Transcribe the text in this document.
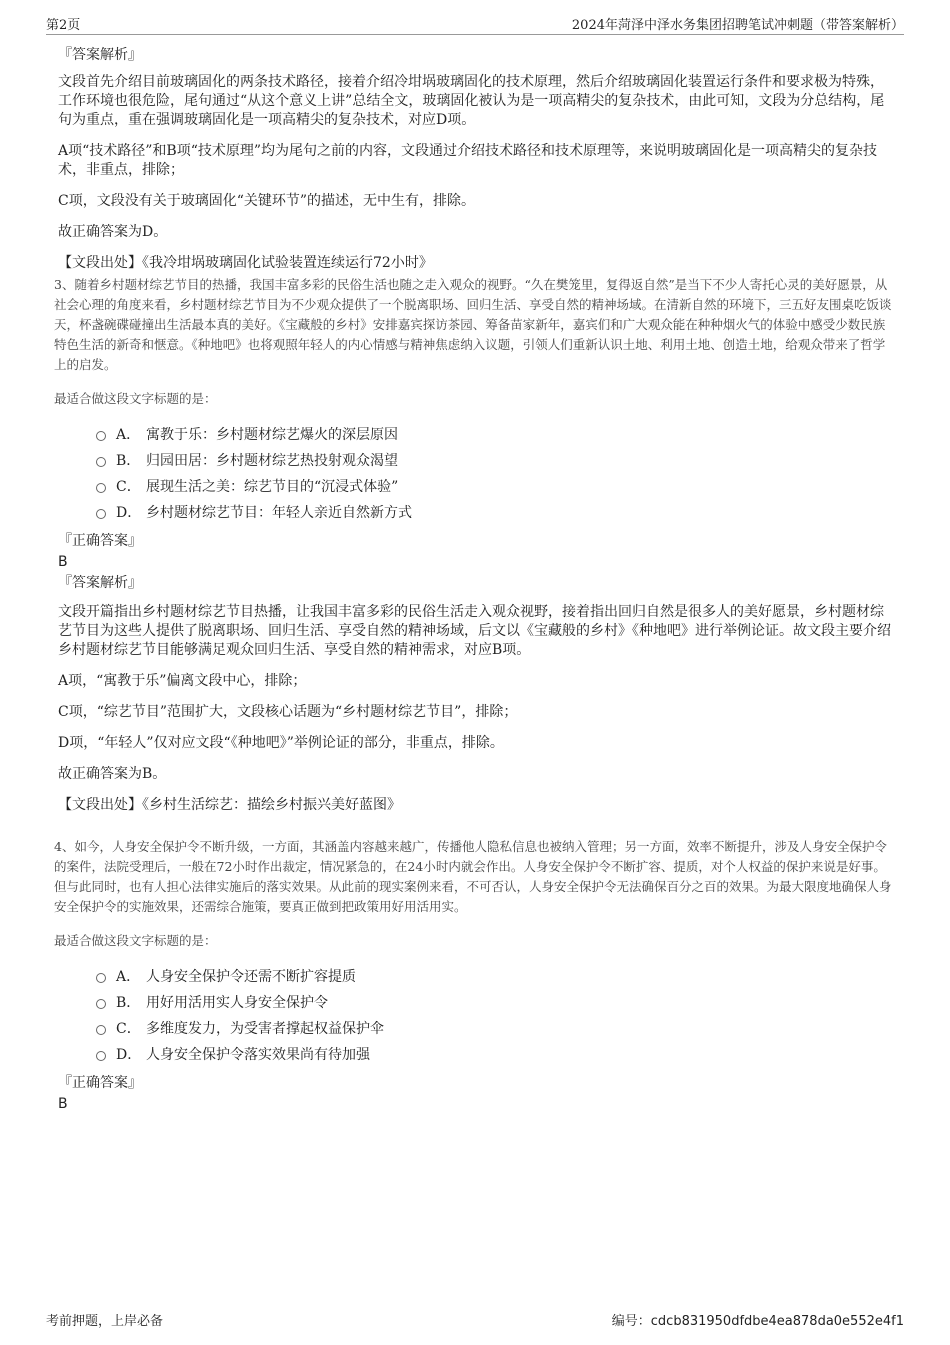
第2页	2024年菏泽中泽水务集团招聘笔试冲刺题（带答案解析）
『答案解析』
文段首先介绍目前玻璃固化的两条技术路径，接着介绍冷坩埚玻璃固化的技术原理，然后介绍玻璃固化装置运行条件和要求极为特殊，工作环境也很危险，尾句通过“从这个意义上讲”总结全文，玻璃固化被认为是一项高精尖的复杂技术，由此可知，文段为分总结构，尾句为重点，重在强调玻璃固化是一项高精尖的复杂技术，对应D项。
A项“技术路径”和B项“技术原理”均为尾句之前的内容，文段通过介绍技术路径和技术原理等，来说明玻璃固化是一项高精尖的复杂技术，非重点，排除；
C项，文段没有关于玻璃固化“关键环节”的描述，无中生有，排除。
故正确答案为D。
【文段出处】《我冷坩埚玻璃固化试验装置连续运行72小时》
3、随着乡村题材综艺节目的热播，我国丰富多彩的民俗生活也随之走入观众的视野。“久在樊笼里，复得返自然”是当下不少人寄托心灵的美好愿景，从社会心理的角度来看，乡村题材综艺节目为不少观众提供了一个脱离职场、回归生活、享受自然的精神场域。在清新自然的环境下，三五好友围桌吃饭谈天，杯盏碗碟碰撞出生活最本真的美好。《宝藏般的乡村》安排嘉宾探访茶园、筹备苗家新年，嘉宾们和广大观众能在种种烟火气的体验中感受少数民族特色生活的新奇和惬意。《种地吧》也将观照年轻人的内心情感与精神焦虑纳入议题，引领人们重新认识土地、利用土地、创造土地，给观众带来了哲学上的启发。
最适合做这段文字标题的是：
A． 寓教于乐：乡村题材综艺爆火的深层原因
B． 归园田居：乡村题材综艺热投射观众渴望
C． 展现生活之美：综艺节目的“沉浸式体验”
D． 乡村题材综艺节目：年轻人亲近自然新方式
『正确答案』
B
『答案解析』
文段开篇指出乡村题材综艺节目热播，让我国丰富多彩的民俗生活走入观众视野，接着指出回归自然是很多人的美好愿景，乡村题材综艺节目为这些人提供了脱离职场、回归生活、享受自然的精神场域，后文以《宝藏般的乡村》《种地吧》进行举例论证。故文段主要介绍乡村题材综艺节目能够满足观众回归生活、享受自然的精神需求，对应B项。
A项，“寓教于乐”偏离文段中心，排除；
C项，“综艺节目”范围扩大，文段核心话题为“乡村题材综艺节目”，排除；
D项，“年轻人”仅对应文段“《种地吧》”举例论证的部分，非重点，排除。
故正确答案为B。
【文段出处】《乡村生活综艺：描绘乡村振兴美好蓝图》
4、如今，人身安全保护令不断升级，一方面，其涵盖内容越来越广，传播他人隐私信息也被纳入管理；另一方面，效率不断提升，涉及人身安全保护令的案件，法院受理后，一般在72小时作出裁定，情况紧急的，在24小时内就会作出。人身安全保护令不断扩容、提质，对个人权益的保护来说是好事。但与此同时，也有人担心法律实施后的落实效果。从此前的现实案例来看，不可否认，人身安全保护令无法确保百分之百的效果。为最大限度地确保人身安全保护令的实施效果，还需综合施策，要真正做到把政策用好用活用实。
最适合做这段文字标题的是：
A． 人身安全保护令还需不断扩容提质
B． 用好用活用实人身安全保护令
C． 多维度发力，为受害者撑起权益保护伞
D． 人身安全保护令落实效果尚有待加强
『正确答案』
B
考前押题，上岸必备	编号：cdcb831950dfdbe4ea878da0e552e4f1
